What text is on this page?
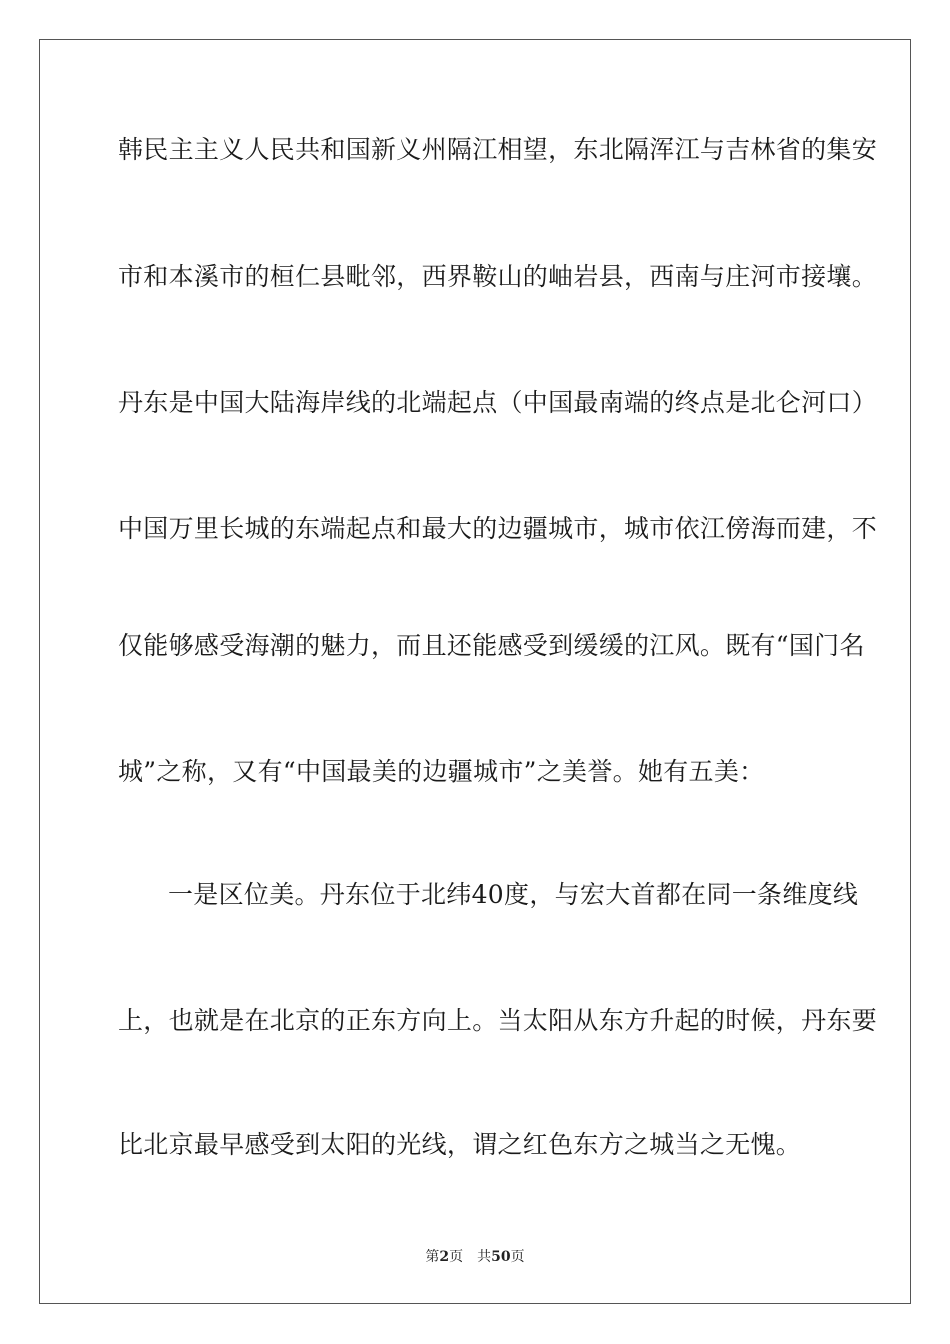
韩民主主义人民共和国新义州隔江相望，东北隔浑江与吉林省的集安
市和本溪市的桓仁县毗邻，西界鞍山的岫岩县，西南与庄河市接壤。
丹东是中国大陆海岸线的北端起点（中国最南端的终点是北仑河口）
中国万里长城的东端起点和最大的边疆城市，城市依江傍海而建，不
仅能够感受海潮的魅力，而且还能感受到缓缓的江风。既有“国门名
城”之称，又有“中国最美的边疆城市”之美誉。她有五美：
一是区位美。丹东位于北纬40度，与宏大首都在同一条维度线
上，也就是在北京的正东方向上。当太阳从东方升起的时候，丹东要
比北京最早感受到太阳的光线，谓之红色东方之城当之无愧。
第2页 共50页
